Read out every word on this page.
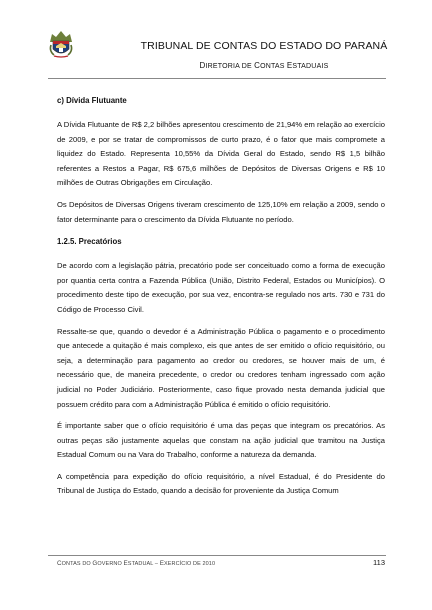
TRIBUNAL DE CONTAS DO ESTADO DO PARANÁ
DIRETORIA DE CONTAS ESTADUAIS
c) Dívida Flutuante

A Dívida Flutuante de R$ 2,2 bilhões apresentou crescimento de 21,94% em relação ao exercício de 2009, e por se tratar de compromissos de curto prazo, é o fator que mais compromete a liquidez do Estado. Representa 10,55% da Dívida Geral do Estado, sendo R$ 1,5 bilhão referentes a Restos a Pagar, R$ 675,6 milhões de Depósitos de Diversas Origens e R$ 10 milhões de Outras Obrigações em Circulação.

Os Depósitos de Diversas Origens tiveram crescimento de 125,10% em relação a 2009, sendo o fator determinante para o crescimento da Dívida Flutuante no período.

1.2.5. Precatórios

De acordo com a legislação pátria, precatório pode ser conceituado como a forma de execução por quantia certa contra a Fazenda Pública (União, Distrito Federal, Estados ou Municípios). O procedimento deste tipo de execução, por sua vez, encontra-se regulado nos arts. 730 e 731 do Código de Processo Civil.

Ressalte-se que, quando o devedor é a Administração Pública o pagamento e o procedimento que antecede a quitação é mais complexo, eis que antes de ser emitido o ofício requisitório, ou seja, a determinação para pagamento ao credor ou credores, se houver mais de um, é necessário que, de maneira precedente, o credor ou credores tenham ingressado com ação judicial no Poder Judiciário. Posteriormente, caso fique provado nesta demanda judicial que possuem crédito para com a Administração Pública é emitido o ofício requisitório.

É importante saber que o ofício requisitório é uma das peças que integram os precatórios. As outras peças são justamente aquelas que constam na ação judicial que tramitou na Justiça Estadual Comum ou na Vara do Trabalho, conforme a natureza da demanda.

A competência para expedição do ofício requisitório, a nível Estadual, é do Presidente do Tribunal de Justiça do Estado, quando a decisão for proveniente da Justiça Comum

CONTAS DO GOVERNO ESTADUAL – EXERCÍCIO DE 2010	113
